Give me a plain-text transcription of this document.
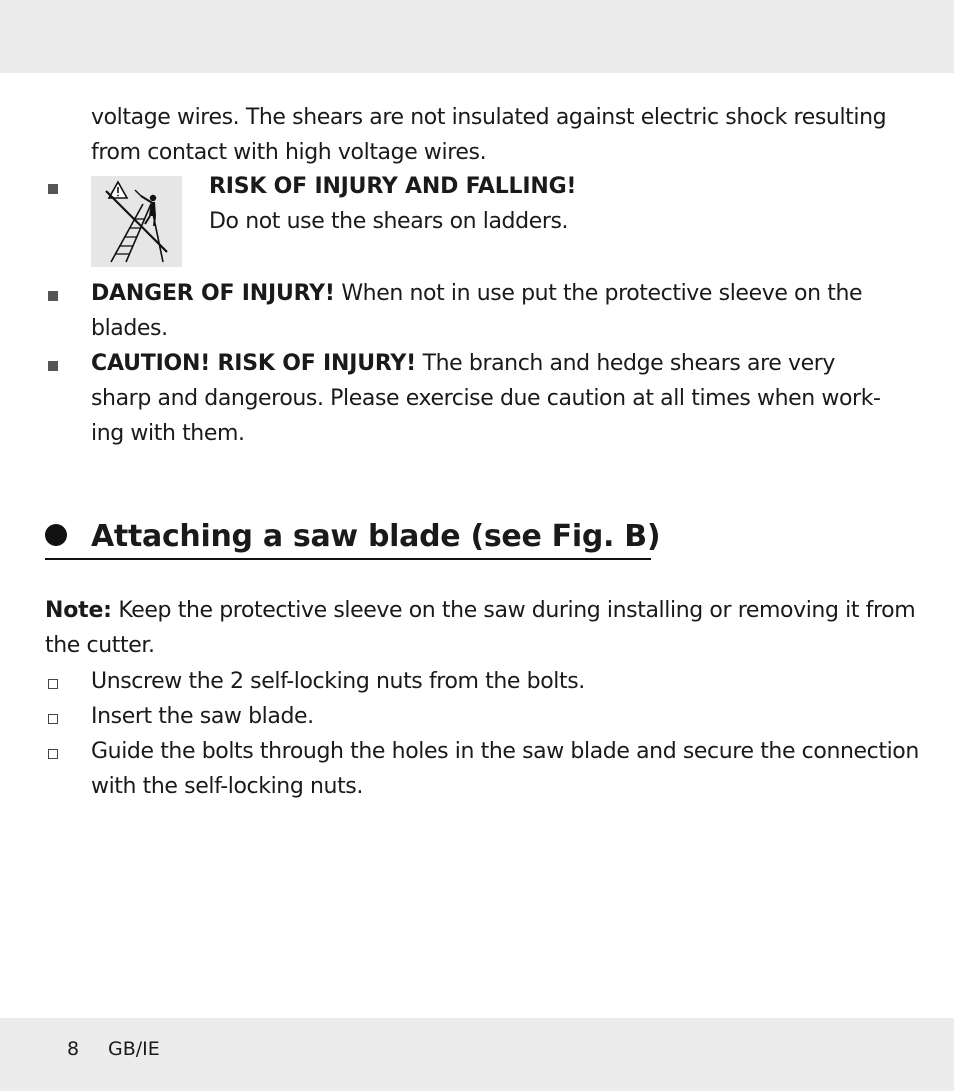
voltage wires. The shears are not insulated against electric shock resulting
from contact with high voltage wires.
RISK OF INJURY AND FALLING!
Do not use the shears on ladders.
DANGER OF INJURY! When not in use put the protective sleeve on the
blades.
CAUTION! RISK OF INJURY! The branch and hedge shears are very
sharp and dangerous. Please exercise due caution at all times when work-
ing with them.
Attaching a saw blade (see Fig. B)
Note: Keep the protective sleeve on the saw during installing or removing it from
the cutter.
Unscrew the 2 self-locking nuts from the bolts.
Insert the saw blade.
Guide the bolts through the holes in the saw blade and secure the connection
with the self-locking nuts.
8 GB/IE
